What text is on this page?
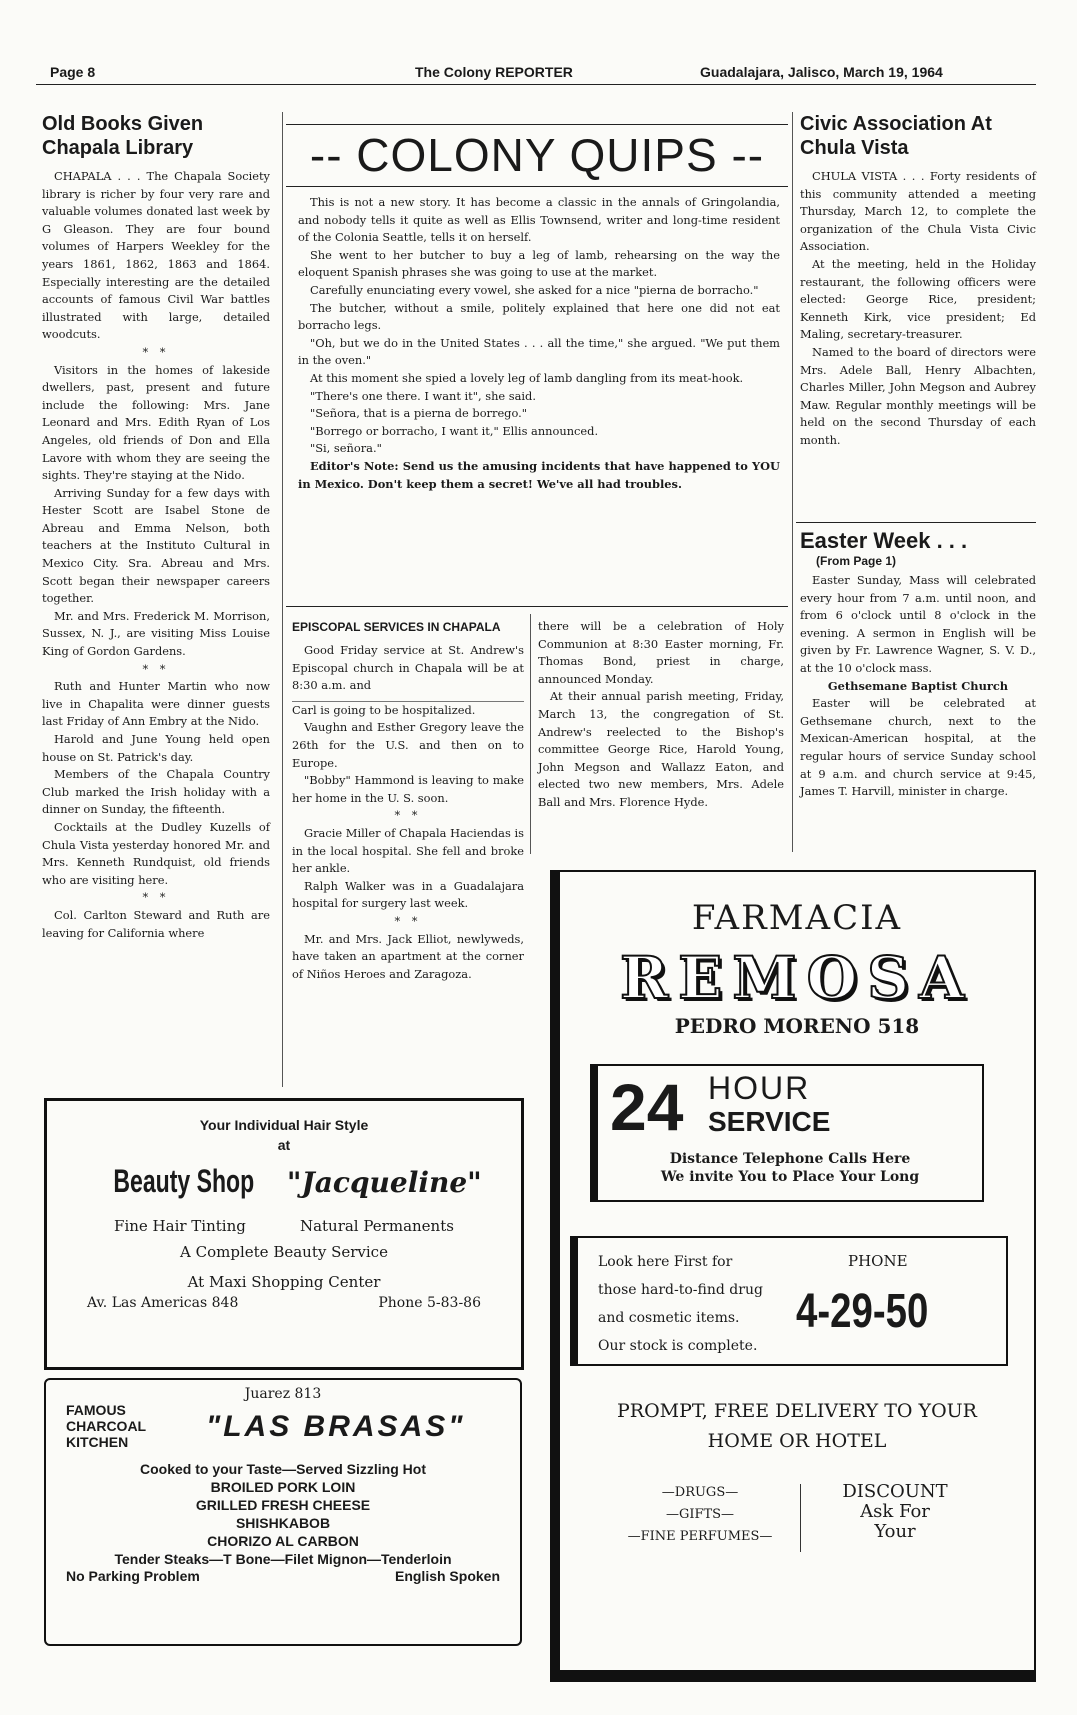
Page 8	The Colony REPORTER	Guadalajara, Jalisco, March 19, 1964
Old Books Given Chapala Library

CHAPALA . . . The Chapala Society library is richer by four very rare and valuable volumes donated last week by G Gleason. They are four bound volumes of Harpers Weekley for the years 1861, 1862, 1863 and 1864. Especially interesting are the detailed accounts of famous Civil War battles illustrated with large, detailed woodcuts.

* *

Visitors in the homes of lakeside dwellers, past, present and future include the following: Mrs. Jane Leonard and Mrs. Edith Ryan of Los Angeles, old friends of Don and Ella Lavore with whom they are seeing the sights. They're staying at the Nido.

Arriving Sunday for a few days with Hester Scott are Isabel Stone de Abreau and Emma Nelson, both teachers at the Instituto Cultural in Mexico City. Sra. Abreau and Mrs. Scott began their newspaper careers together.

Mr. and Mrs. Frederick M. Morrison, Sussex, N. J., are visiting Miss Louise King of Gordon Gardens.

* *

Ruth and Hunter Martin who now live in Chapalita were dinner guests last Friday of Ann Embry at the Nido.

Harold and June Young held open house on St. Patrick's day.

Members of the Chapala Country Club marked the Irish holiday with a dinner on Sunday, the fifteenth.

Cocktails at the Dudley Kuzells of Chula Vista yesterday honored Mr. and Mrs. Kenneth Rundquist, old friends who are visiting here.

* *

Col. Carlton Steward and Ruth are leaving for California where

-- COLONY QUIPS --

This is not a new story. It has become a classic in the annals of Gringolandia, and nobody tells it quite as well as Ellis Townsend, writer and long-time resident of the Colonia Seattle, tells it on herself.

She went to her butcher to buy a leg of lamb, rehearsing on the way the eloquent Spanish phrases she was going to use at the market.

Carefully enunciating every vowel, she asked for a nice "pierna de borracho."

The butcher, without a smile, politely explained that here one did not eat borracho legs.

"Oh, but we do in the United States . . . all the time," she argued. "We put them in the oven."

At this moment she spied a lovely leg of lamb dangling from its meat-hook.

"There's one there. I want it", she said.

"Señora, that is a pierna de borrego."

"Borrego or borracho, I want it," Ellis announced.

"Si, señora."

Editor's Note: Send us the amusing incidents that have happened to YOU in Mexico. Don't keep them a secret! We've all had troubles.

EPISCOPAL SERVICES IN CHAPALA

Good Friday service at St. Andrew's Episcopal church in Chapala will be at 8:30 a.m. and

Carl is going to be hospitalized.

Vaughn and Esther Gregory leave the 26th for the U.S. and then on to Europe.

"Bobby" Hammond is leaving to make her home in the U. S. soon.

* *

Gracie Miller of Chapala Haciendas is in the local hospital. She fell and broke her ankle.

Ralph Walker was in a Guadalajara hospital for surgery last week.

* *

Mr. and Mrs. Jack Elliot, newlyweds, have taken an apartment at the corner of Niños Heroes and Zaragoza.

there will be a celebration of Holy Communion at 8:30 Easter morning, Fr. Thomas Bond, priest in charge, announced Monday.

At their annual parish meeting, Friday, March 13, the congregation of St. Andrew's reelected to the Bishop's committee George Rice, Harold Young, John Megson and Wallazz Eaton, and elected two new members, Mrs. Adele Ball and Mrs. Florence Hyde.

Civic Association At Chula Vista

CHULA VISTA . . . Forty residents of this community attended a meeting Thursday, March 12, to complete the organization of the Chula Vista Civic Association.

At the meeting, held in the Holiday restaurant, the following officers were elected: George Rice, president; Kenneth Kirk, vice president; Ed Maling, secretary-treasurer.

Named to the board of directors were Mrs. Adele Ball, Henry Albachten, Charles Miller, John Megson and Aubrey Maw. Regular monthly meetings will be held on the second Thursday of each month.

Easter Week . . .
(From Page 1)

Easter Sunday, Mass will celebrated every hour from 7 a.m. until noon, and from 6 o'clock until 8 o'clock in the evening. A sermon in English will be given by Fr. Lawrence Wagner, S. V. D., at the 10 o'clock mass.

Gethsemane Baptist Church

Easter will be celebrated at Gethsemane church, next to the Mexican-American hospital, at the regular hours of service Sunday school at 9 a.m. and church service at 9:45, James T. Harvill, minister in charge.

Your Individual Hair Style
at
Beauty Shop "Jacqueline"
Fine Hair Tinting	Natural Permanents
A Complete Beauty Service
At Maxi Shopping Center
Av. Las Americas 848	Phone 5-83-86
Juarez 813
FAMOUS
CHARCOAL
KITCHEN	"LAS BRASAS"
Cooked to your Taste—Served Sizzling Hot
BROILED PORK LOIN
GRILLED FRESH CHEESE
SHISHKABOB
CHORIZO AL CARBON
Tender Steaks—T Bone—Filet Mignon—Tenderloin
No Parking Problem	English Spoken
FARMACIA
REMOSA
PEDRO MORENO 518
24 HOUR
SERVICE
Distance Telephone Calls Here
We invite You to Place Your Long
Look here First for
those hard-to-find drug
and cosmetic items.
Our stock is complete.
PHONE
4-29-50
PROMPT, FREE DELIVERY TO YOUR
HOME OR HOTEL
—DRUGS—
—GIFTS—
—FINE PERFUMES—
DISCOUNT
Ask For
Your
